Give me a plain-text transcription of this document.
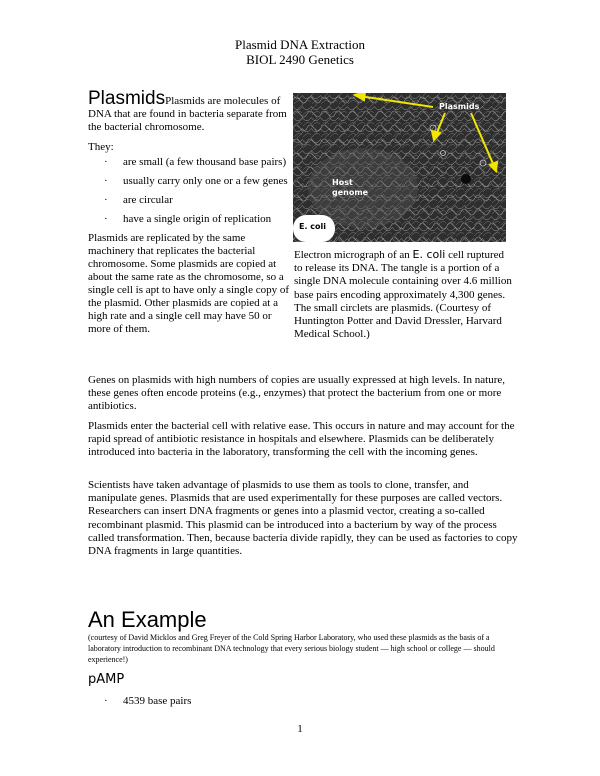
Plasmid DNA Extraction
BIOL 2490 Genetics

PlasmidsPlasmids are molecules of DNA that are found in bacteria separate from the bacterial chromosome.

They:

· are small (a few thousand base pairs)
· usually carry only one or a few genes
· are circular
· have a single origin of replication

Plasmids are replicated by the same machinery that replicates the bacterial chromosome. Some plasmids are copied at about the same rate as the chromosome, so a single cell is apt to have only a single copy of the plasmid. Other plasmids are copied at a high rate and a single cell may have 50 or more of them.

Plasmids
Host
genome
E. coli

Electron micrograph of an E. coli cell ruptured to release its DNA. The tangle is a portion of a single DNA molecule containing over 4.6 million base pairs encoding approximately 4,300 genes. The small circlets are plasmids. (Courtesy of Huntington Potter and David Dressler, Harvard Medical School.)

Genes on plasmids with high numbers of copies are usually expressed at high levels. In nature, these genes often encode proteins (e.g., enzymes) that protect the bacterium from one or more antibiotics.

Plasmids enter the bacterial cell with relative ease. This occurs in nature and may account for the rapid spread of antibiotic resistance in hospitals and elsewhere. Plasmids can be deliberately introduced into bacteria in the laboratory, transforming the cell with the incoming genes.

Scientists have taken advantage of plasmids to use them as tools to clone, transfer, and manipulate genes. Plasmids that are used experimentally for these purposes are called vectors. Researchers can insert DNA fragments or genes into a plasmid vector, creating a so-called recombinant plasmid. This plasmid can be introduced into a bacterium by way of the process called transformation. Then, because bacteria divide rapidly, they can be used as factories to copy DNA fragments in large quantities.

An Example

(courtesy of David Micklos and Greg Freyer of the Cold Spring Harbor Laboratory, who used these plasmids as the basis of a laboratory introduction to recombinant DNA technology that every serious biology student — high school or college — should experience!)

pAMP
· 4539 base pairs
1
